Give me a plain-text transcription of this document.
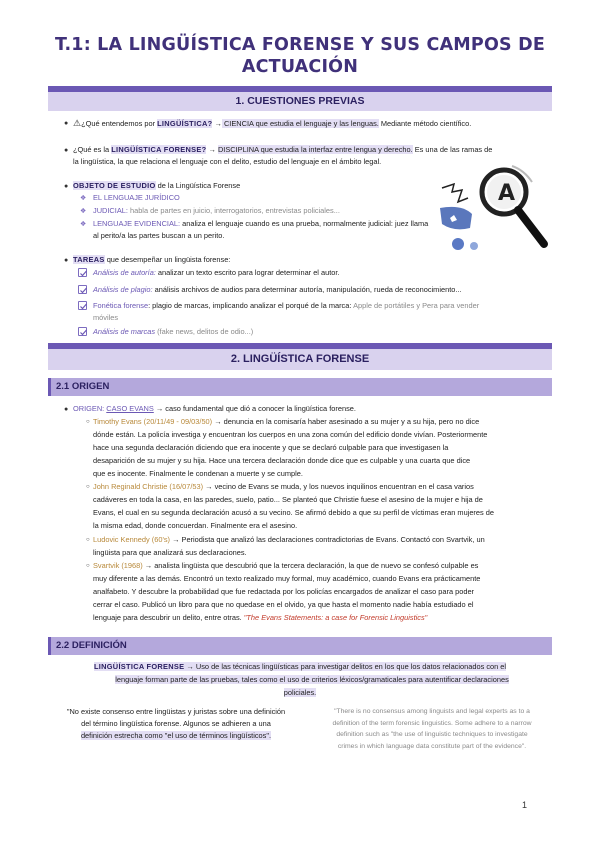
T.1: LA LINGÜÍSTICA FORENSE Y SUS CAMPOS DE
ACTUACIÓN
1. CUESTIONES PREVIAS
● ⚠¿Qué entendemos por LINGÜÍSTICA? → CIENCIA que estudia el lenguaje y las lenguas. Mediante método científico.
● ¿Qué es la LINGÜÍSTICA FORENSE? → DISCIPLINA que estudia la interfaz entre lengua y derecho. Es una de las ramas de
la lingüística, la que relaciona el lenguaje con el delito, estudio del lenguaje en el ámbito legal.
● OBJETO DE ESTUDIO de la Lingüística Forense
❖ EL LENGUAJE JURÍDICO
❖ JUDICIAL: habla de partes en juicio, interrogatorios, entrevistas policiales...
❖ LENGUAJE EVIDENCIAL: analiza el lenguaje cuando es una prueba, normalmente judicial: juez llama
al perito/a las partes buscan a un perito.
A
● TAREAS que desempeñar un lingüista forense:
Análisis de autoría: analizar un texto escrito para lograr determinar el autor.
Análisis de plagio: análisis archivos de audios para determinar autoría, manipulación, rueda de reconocimiento...
Fonética forense: plagio de marcas, implicando analizar el porqué de la marca: Apple de portátiles y Pera para vender
móviles
Análisis de marcas (fake news, delitos de odio...)
2. LINGÜÍSTICA FORENSE
2.1 ORIGEN
● ORIGEN: CASO EVANS → caso fundamental que dió a conocer la lingüística forense.
○ Timothy Evans (20/11/49 - 09/03/50) → denuncia en la comisaría haber asesinado a su mujer y a su hija, pero no dice
dónde están. La policía investiga y encuentran los cuerpos en una zona común del edificio donde vivían. Posteriormente
hace una segunda declaración diciendo que era inocente y que se declaró culpable para que investigasen la
desaparición de su mujer y su hija. Hace una tercera declaración donde dice que es culpable y una cuarta que dice
que es inocente. Finalmente le condenan a muerte y se cumple.
○ John Reginald Christie (16/07/53) → vecino de Evans se muda, y los nuevos inquilinos encuentran en el casa varios
cadáveres en toda la casa, en las paredes, suelo, patio... Se planteó que Christie fuese el asesino de la mujer e hija de
Evans, el cual en su segunda declaración acusó a su vecino. Se afirmó debido a que su perfil de víctimas eran mujeres de
la misma edad, donde concuerdan. Finalmente era el asesino.
○ Ludovic Kennedy (60's) → Periodista que analizó las declaraciones contradictorias de Evans. Contactó con Svartvik, un
lingüista para que analizará sus declaraciones.
○ Svartvik (1968) → analista lingüista que descubrió que la tercera declaración, la que de nuevo se confesó culpable es
muy diferente a las demás. Encontró un texto realizado muy formal, muy académico, cuando Evans era prácticamente
analfabeto. Y descubre la probabilidad que fue redactada por los policías encargados de analizar el caso para poder
cerrar el caso. Publicó un libro para que no quedase en el olvido, ya que hasta el momento nadie había estudiado el
lenguaje para descubrir un delito, entre otras. "The Evans Statements: a case for Forensic Linguistics"
2.2 DEFINICIÓN
LINGÜÍSTICA FORENSE → Uso de las técnicas lingüísticas para investigar delitos en los que los datos relacionados con el
lenguaje forman parte de las pruebas, tales como el uso de criterios léxicos/gramaticales para autentificar declaraciones
policiales.
"No existe consenso entre lingüistas y juristas sobre una definición
del término lingüística forense. Algunos se adhieren a una
definición estrecha como "el uso de términos lingüísticos".
"There is no consensus among linguists and legal experts as to a
definition of the term forensic linguistics. Some adhere to a narrow
definition such as "the use of linguistic techniques to investigate
crimes in which language data constitute part of the evidence".
1
